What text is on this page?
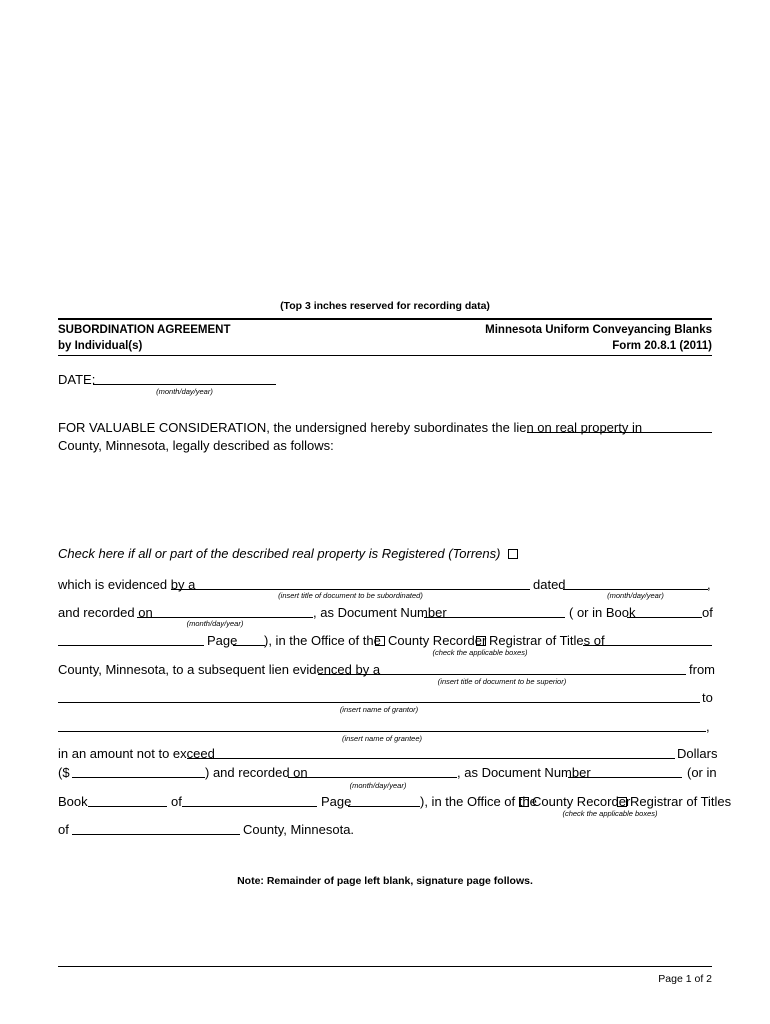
(Top 3 inches reserved for recording data)
SUBORDINATION AGREEMENT
by Individual(s)
Minnesota Uniform Conveyancing Blanks
Form 20.8.1 (2011)
DATE:
(month/day/year)
FOR VALUABLE CONSIDERATION, the undersigned hereby subordinates the lien on real property in
County, Minnesota, legally described as follows:
Check here if all or part of the described real property is Registered (Torrens)
which is evidenced by a	dated	,
(insert title of document to be subordinated)	(month/day/year)
and recorded on	, as Document Number	( or in Book	of
(month/day/year)
Page ), in the Office of the County Recorder Registrar of Titles of
(check the applicable boxes)
County, Minnesota, to a subsequent lien evidenced by a	from
(insert title of document to be superior)
to
(insert name of grantor)
,
(insert name of grantee)
in an amount not to exceed	Dollars
($	) and recorded on	, as Document Number	(or in
(month/day/year)
Book	of	Page	), in the Office of the
County Recorder Registrar of Titles
(check the applicable boxes)
of	County, Minnesota.
Note: Remainder of page left blank, signature page follows.
Page 1 of 2
